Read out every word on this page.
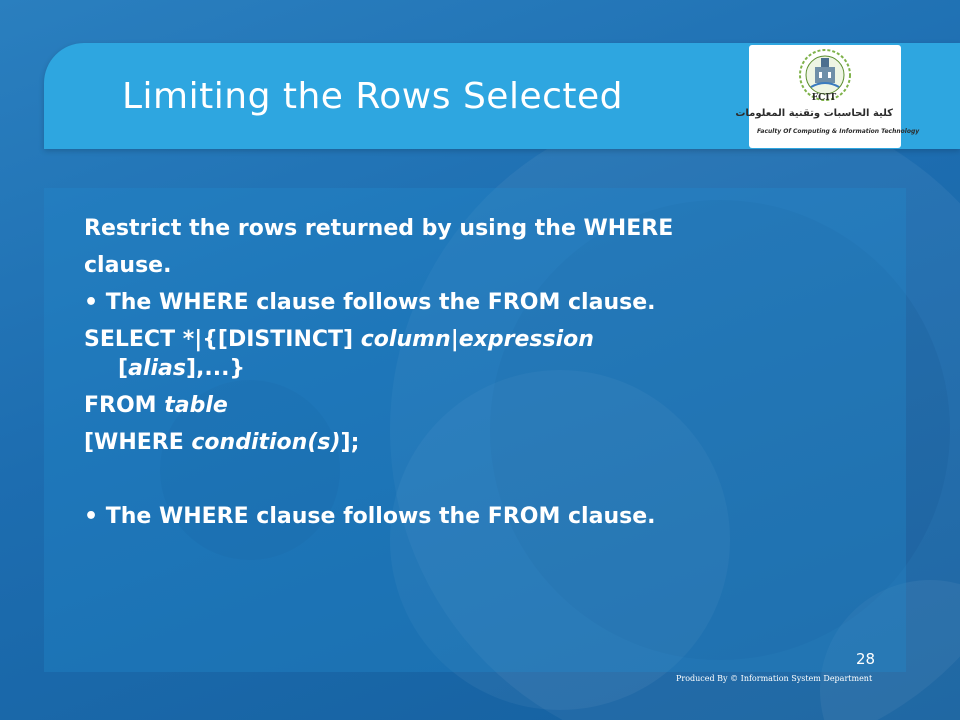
Limiting the Rows Selected	FCIT
كلية الحاسبات وتقنية المعلومات
Faculty Of Computing & Information Technology
Restrict the rows returned by using the WHERE
clause.
• The WHERE clause follows the FROM clause.
SELECT *|{[DISTINCT] column|expression
[alias],...}
FROM table
[WHERE condition(s)];
• The WHERE clause follows the FROM clause.
28
Produced By © Information System Department
